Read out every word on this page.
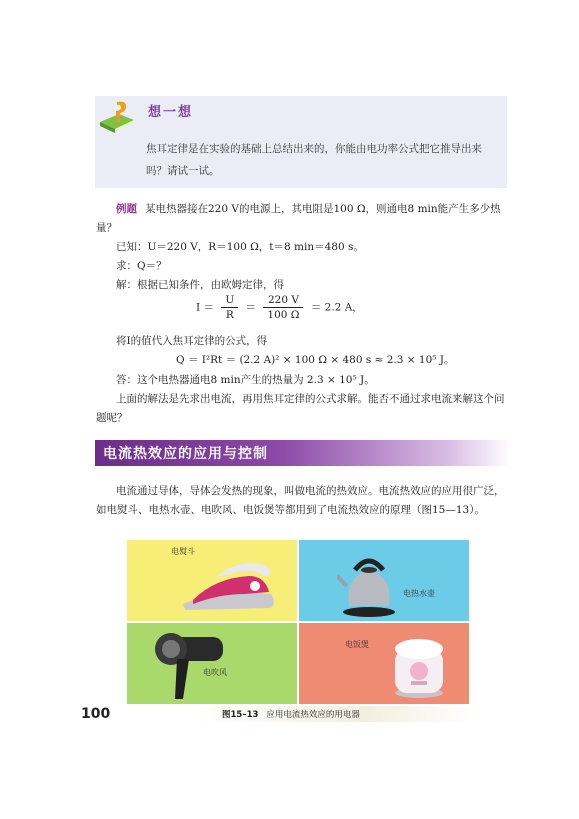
想一想
焦耳定律是在实验的基础上总结出来的，你能由电功率公式把它推导出来吗？请试一试。
例题 某电热器接在220 V的电源上，其电阻是100 Ω，则通电8 min能产生多少热量？
已知：U＝220 V，R＝100 Ω，t＝8 min＝480 s。
求：Q＝？
解：根据已知条件，由欧姆定律，得
$I = \frac{U}{R} = \frac{220 V}{100 \Omega} = 2.2$ A，
将I的值代入焦耳定律的公式，得
Q ＝ I²Rt ＝ (2.2 A)² × 100 Ω × 480 s ≈ 2.3 × 10⁵ J。
答：这个电热器通电8 min产生的热量为 2.3 × 10⁵ J。
上面的解法是先求出电流，再用焦耳定律的公式求解。能否不通过求电流来解这个问题呢？
电流热效应的应用与控制
电流通过导体，导体会发热的现象，叫做电流的热效应。电流热效应的应用很广泛，如电熨斗、电热水壶、电吹风、电饭煲等都用到了电流热效应的原理（图15—13）。
电熨斗
电热水壶
电吹风
电饭煲
100	图15–13 应用电流热效应的用电器
